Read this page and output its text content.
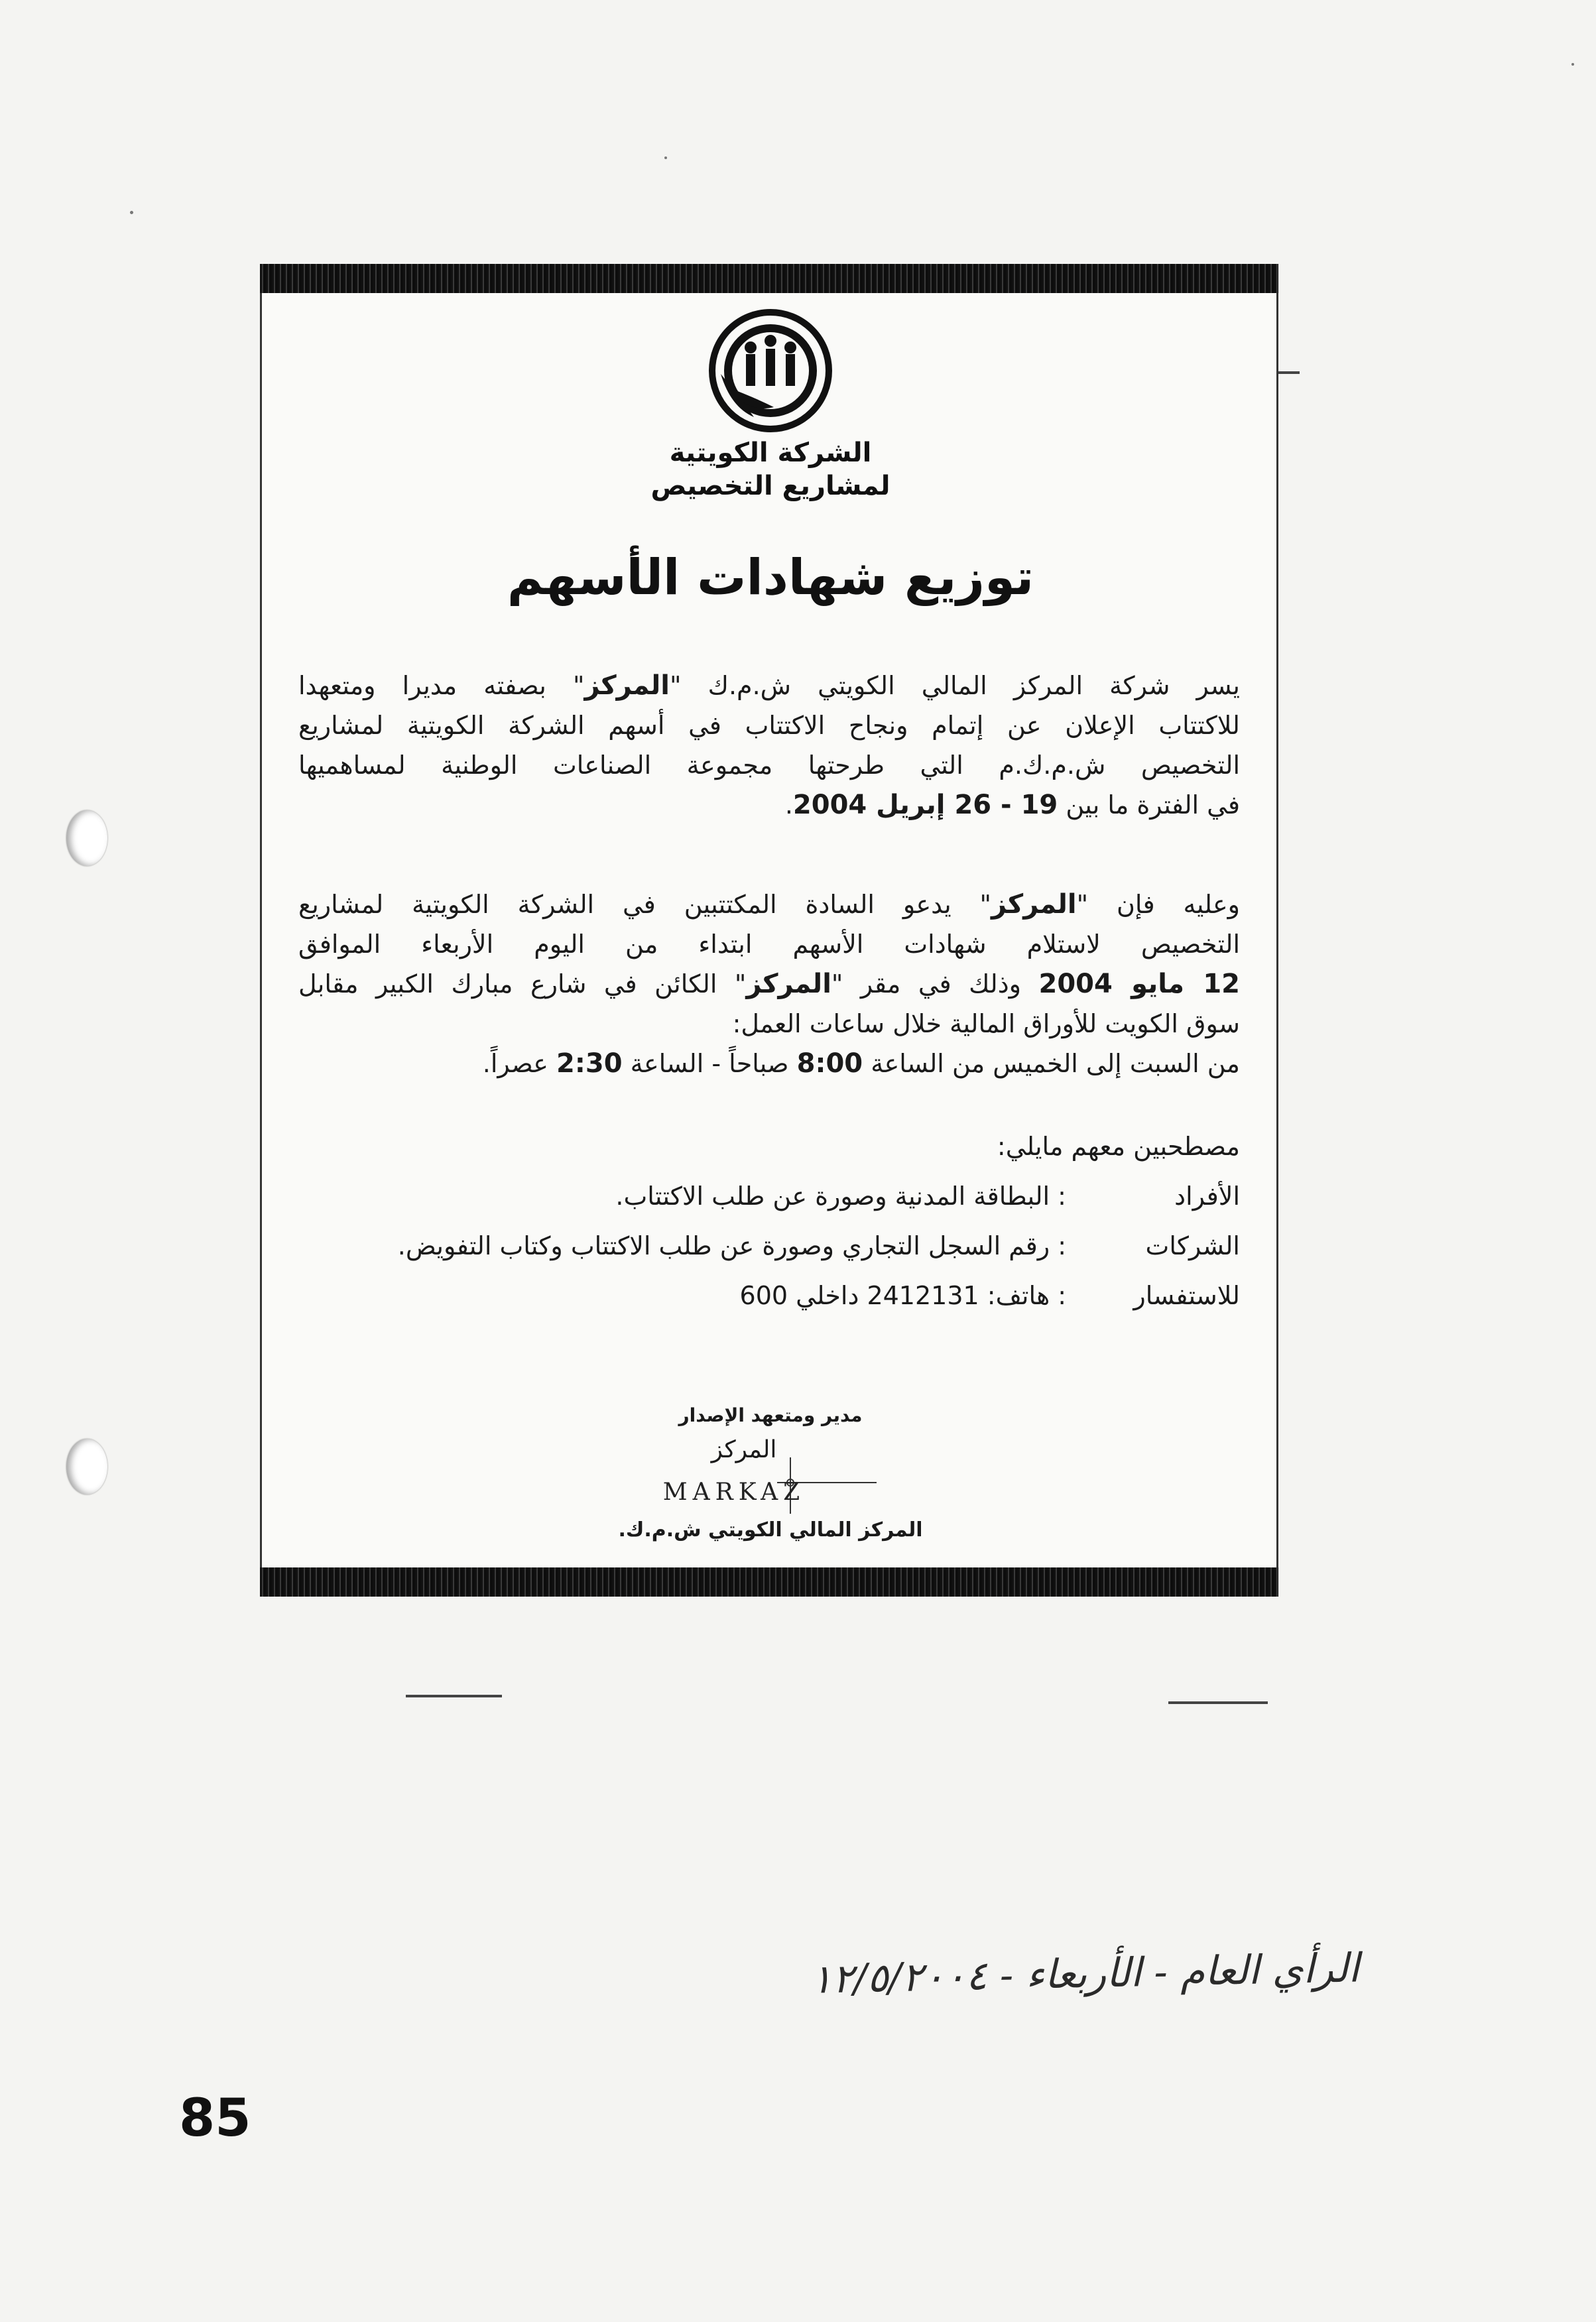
الشركة الكويتية
لمشاريع التخصيص
توزيع شهادات الأسهم
يسر شركة المركز المالي الكويتي ش.م.ك "المركز" بصفته مديرا ومتعهدا
للاكتتاب الإعلان عن إتمام ونجاح الاكتتاب في أسهم الشركة الكويتية لمشاريع
التخصيص ش.م.ك.م التي طرحتها مجموعة الصناعات الوطنية لمساهميها
في الفترة ما بين 19 - 26 إبريل 2004.
وعليه فإن "المركز" يدعو السادة المكتتبين في الشركة الكويتية لمشاريع
التخصيص لاستلام شهادات الأسهم ابتداء من اليوم الأربعاء الموافق
12 مايو 2004 وذلك في مقر "المركز" الكائن في شارع مبارك الكبير مقابل
سوق الكويت للأوراق المالية خلال ساعات العمل:
من السبت إلى الخميس من الساعة 8:00 صباحاً - الساعة 2:30 عصراً.
مصطحبين معهم مايلي:
الأفراد
: البطاقة المدنية وصورة عن طلب الاكتتاب.
الشركات
: رقم السجل التجاري وصورة عن طلب الاكتتاب وكتاب التفويض.
للاستفسار
: هاتف: 2412131 داخلي 600
مدير ومتعهد الإصدار
المركز
MARKAZ
المركز المالي الكويتي ش.م.ك.
الرأي العام - الأربعاء - ١٢/٥/٢٠٠٤
85
